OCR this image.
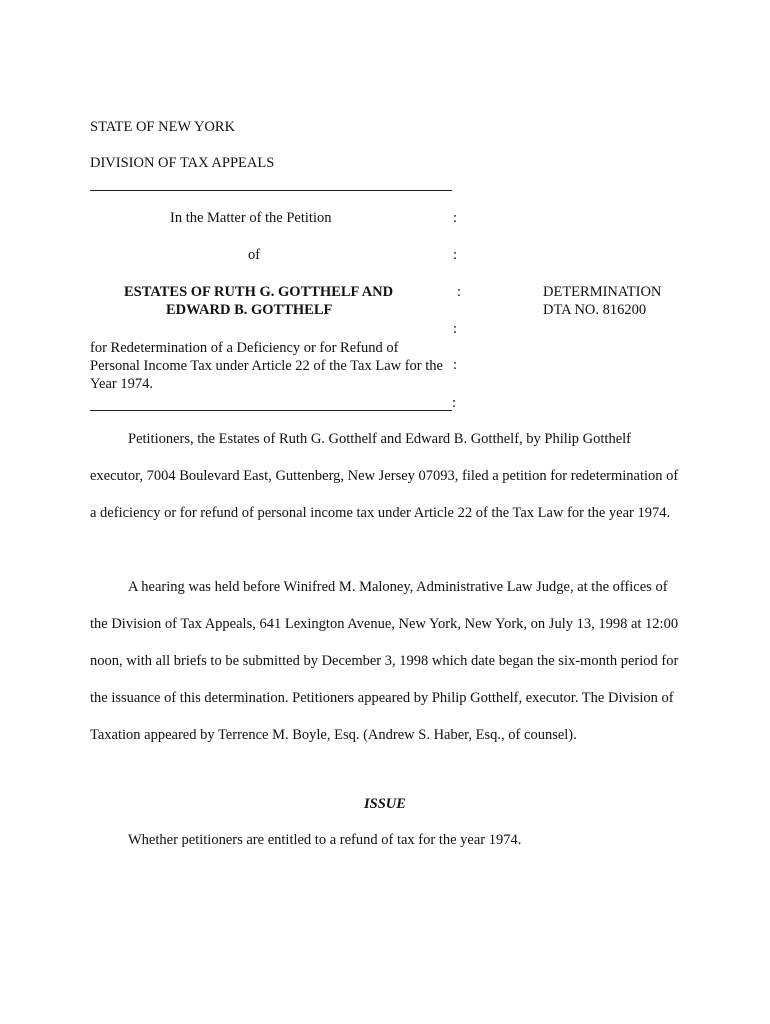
STATE OF NEW YORK
DIVISION OF TAX APPEALS
In the Matter of the Petition	:
of	:
ESTATES OF RUTH G. GOTTHELF AND	:
EDWARD B. GOTTHELF
DETERMINATION
DTA NO. 816200
:
for Redetermination of a Deficiency or for Refund of Personal Income Tax under Article 22 of the Tax Law for the Year 1974.
:
:
Petitioners, the Estates of Ruth G. Gotthelf and Edward B. Gotthelf, by Philip Gotthelf executor, 7004 Boulevard East, Guttenberg, New Jersey 07093, filed a petition for redetermination of a deficiency or for refund of personal income tax under Article 22 of the Tax Law for the year 1974.
A hearing was held before Winifred M. Maloney, Administrative Law Judge, at the offices of the Division of Tax Appeals, 641 Lexington Avenue, New York, New York, on July 13, 1998 at 12:00 noon, with all briefs to be submitted by December 3, 1998 which date began the six-month period for the issuance of this determination. Petitioners appeared by Philip Gotthelf, executor. The Division of Taxation appeared by Terrence M. Boyle, Esq. (Andrew S. Haber, Esq., of counsel).
ISSUE
Whether petitioners are entitled to a refund of tax for the year 1974.
